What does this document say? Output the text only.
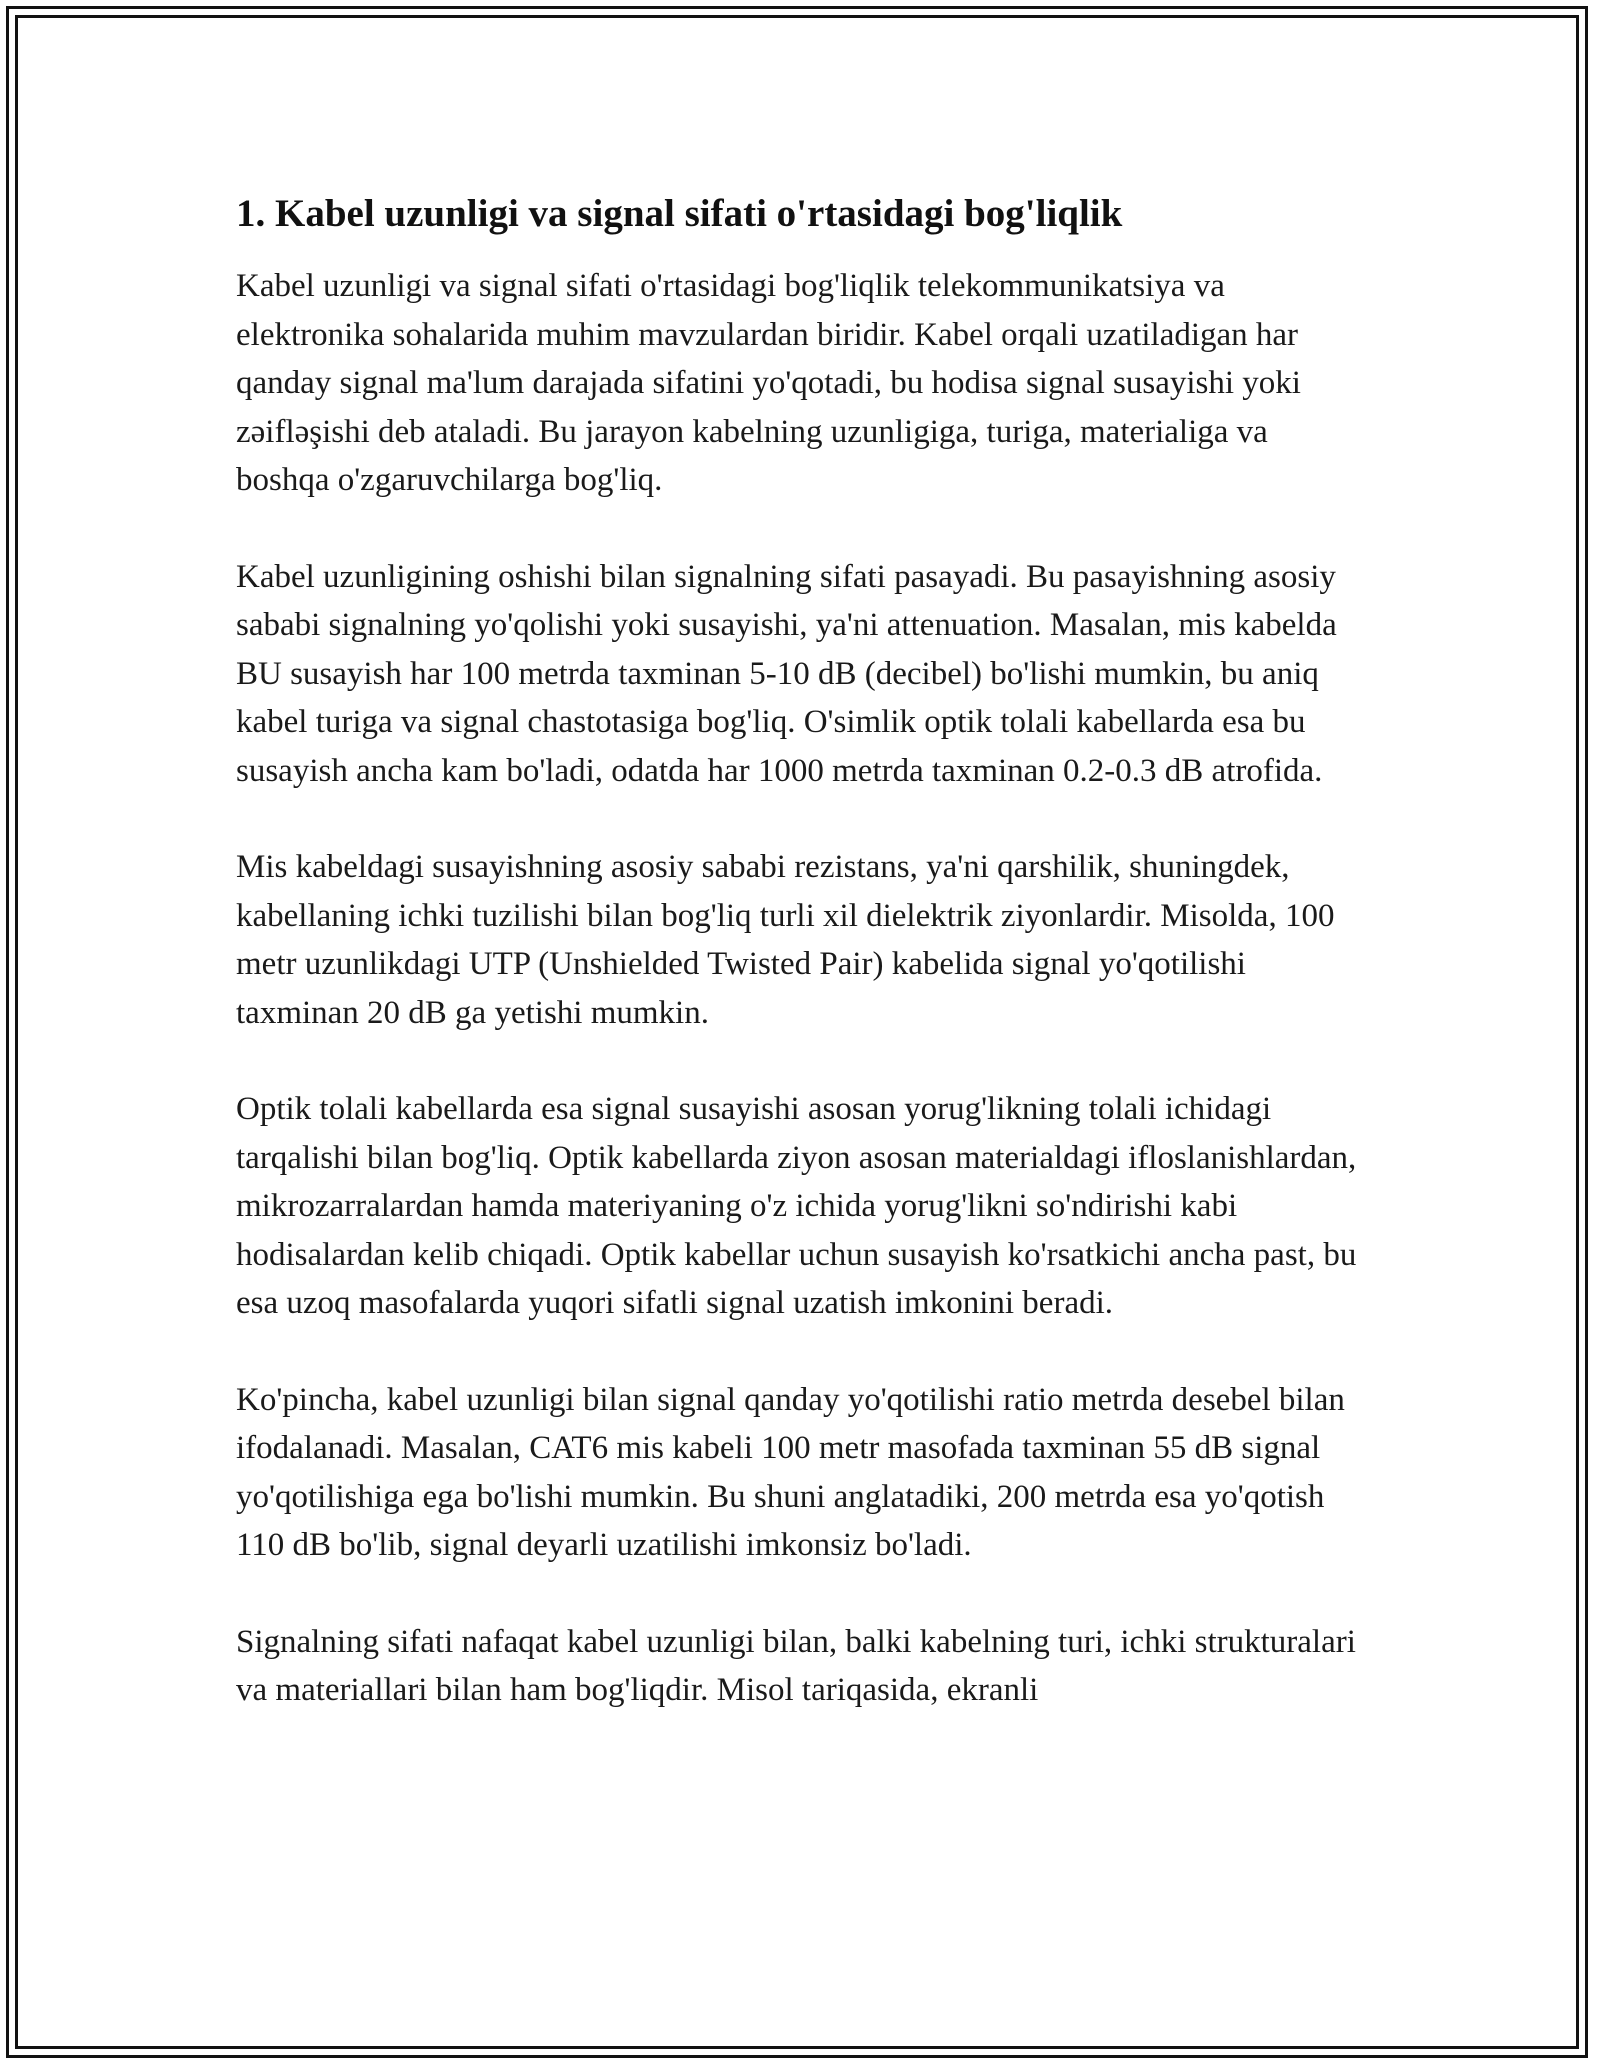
1. Kabel uzunligi va signal sifati o'rtasidagi bog'liqlik

Kabel uzunligi va signal sifati o'rtasidagi bog'liqlik telekommunikatsiya va elektronika sohalarida muhim mavzulardan biridir. Kabel orqali uzatiladigan har qanday signal ma'lum darajada sifatini yo'qotadi, bu hodisa signal susayishi yoki zəifləşishi deb ataladi. Bu jarayon kabelning uzunligiga, turiga, materialiga va boshqa o'zgaruvchilarga bog'liq.

Kabel uzunligining oshishi bilan signalning sifati pasayadi. Bu pasayishning asosiy sababi signalning yo'qolishi yoki susayishi, ya'ni attenuation. Masalan, mis kabelda BU susayish har 100 metrda taxminan 5-10 dB (decibel) bo'lishi mumkin, bu aniq kabel turiga va signal chastotasiga bog'liq. O'simlik optik tolali kabellarda esa bu susayish ancha kam bo'ladi, odatda har 1000 metrda taxminan 0.2-0.3 dB atrofida.

Mis kabeldagi susayishning asosiy sababi rezistans, ya'ni qarshilik, shuningdek, kabellaning ichki tuzilishi bilan bog'liq turli xil dielektrik ziyonlardir. Misolda, 100 metr uzunlikdagi UTP (Unshielded Twisted Pair) kabelida signal yo'qotilishi taxminan 20 dB ga yetishi mumkin.

Optik tolali kabellarda esa signal susayishi asosan yorug'likning tolali ichidagi tarqalishi bilan bog'liq. Optik kabellarda ziyon asosan materialdagi ifloslanishlardan, mikrozarralardan hamda materiyaning o'z ichida yorug'likni so'ndirishi kabi hodisalardan kelib chiqadi. Optik kabellar uchun susayish ko'rsatkichi ancha past, bu esa uzoq masofalarda yuqori sifatli signal uzatish imkonini beradi.

Ko'pincha, kabel uzunligi bilan signal qanday yo'qotilishi ratio metrda desebel bilan ifodalanadi. Masalan, CAT6 mis kabeli 100 metr masofada taxminan 55 dB signal yo'qotilishiga ega bo'lishi mumkin. Bu shuni anglatadiki, 200 metrda esa yo'qotish 110 dB bo'lib, signal deyarli uzatilishi imkonsiz bo'ladi.

Signalning sifati nafaqat kabel uzunligi bilan, balki kabelning turi, ichki strukturalari va materiallari bilan ham bog'liqdir. Misol tariqasida, ekranli
